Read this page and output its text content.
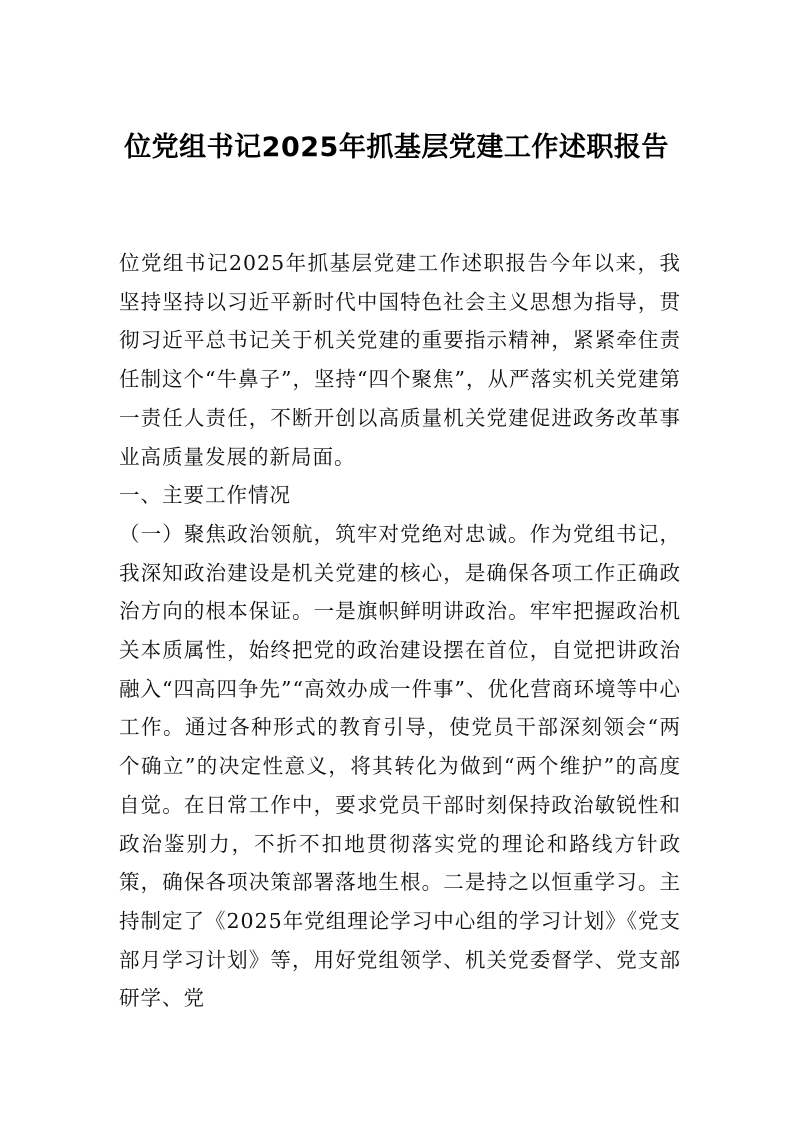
位党组书记2025年抓基层党建工作述职报告

位党组书记2025年抓基层党建工作述职报告今年以来，我坚持坚持以习近平新时代中国特色社会主义思想为指导，贯彻习近平总书记关于机关党建的重要指示精神，紧紧牵住责任制这个“牛鼻子”，坚持“四个聚焦”，从严落实机关党建第一责任人责任，不断开创以高质量机关党建促进政务改革事业高质量发展的新局面。

一、主要工作情况

（一）聚焦政治领航，筑牢对党绝对忠诚。作为党组书记，我深知政治建设是机关党建的核心，是确保各项工作正确政治方向的根本保证。一是旗帜鲜明讲政治。牢牢把握政治机关本质属性，始终把党的政治建设摆在首位，自觉把讲政治融入“四高四争先”“高效办成一件事”、优化营商环境等中心工作。通过各种形式的教育引导，使党员干部深刻领会“两个确立”的决定性意义，将其转化为做到“两个维护”的高度自觉。在日常工作中，要求党员干部时刻保持政治敏锐性和政治鉴别力，不折不扣地贯彻落实党的理论和路线方针政策，确保各项决策部署落地生根。二是持之以恒重学习。主持制定了《2025年党组理论学习中心组的学习计划》《党支部月学习计划》等，用好党组领学、机关党委督学、党支部研学、党
